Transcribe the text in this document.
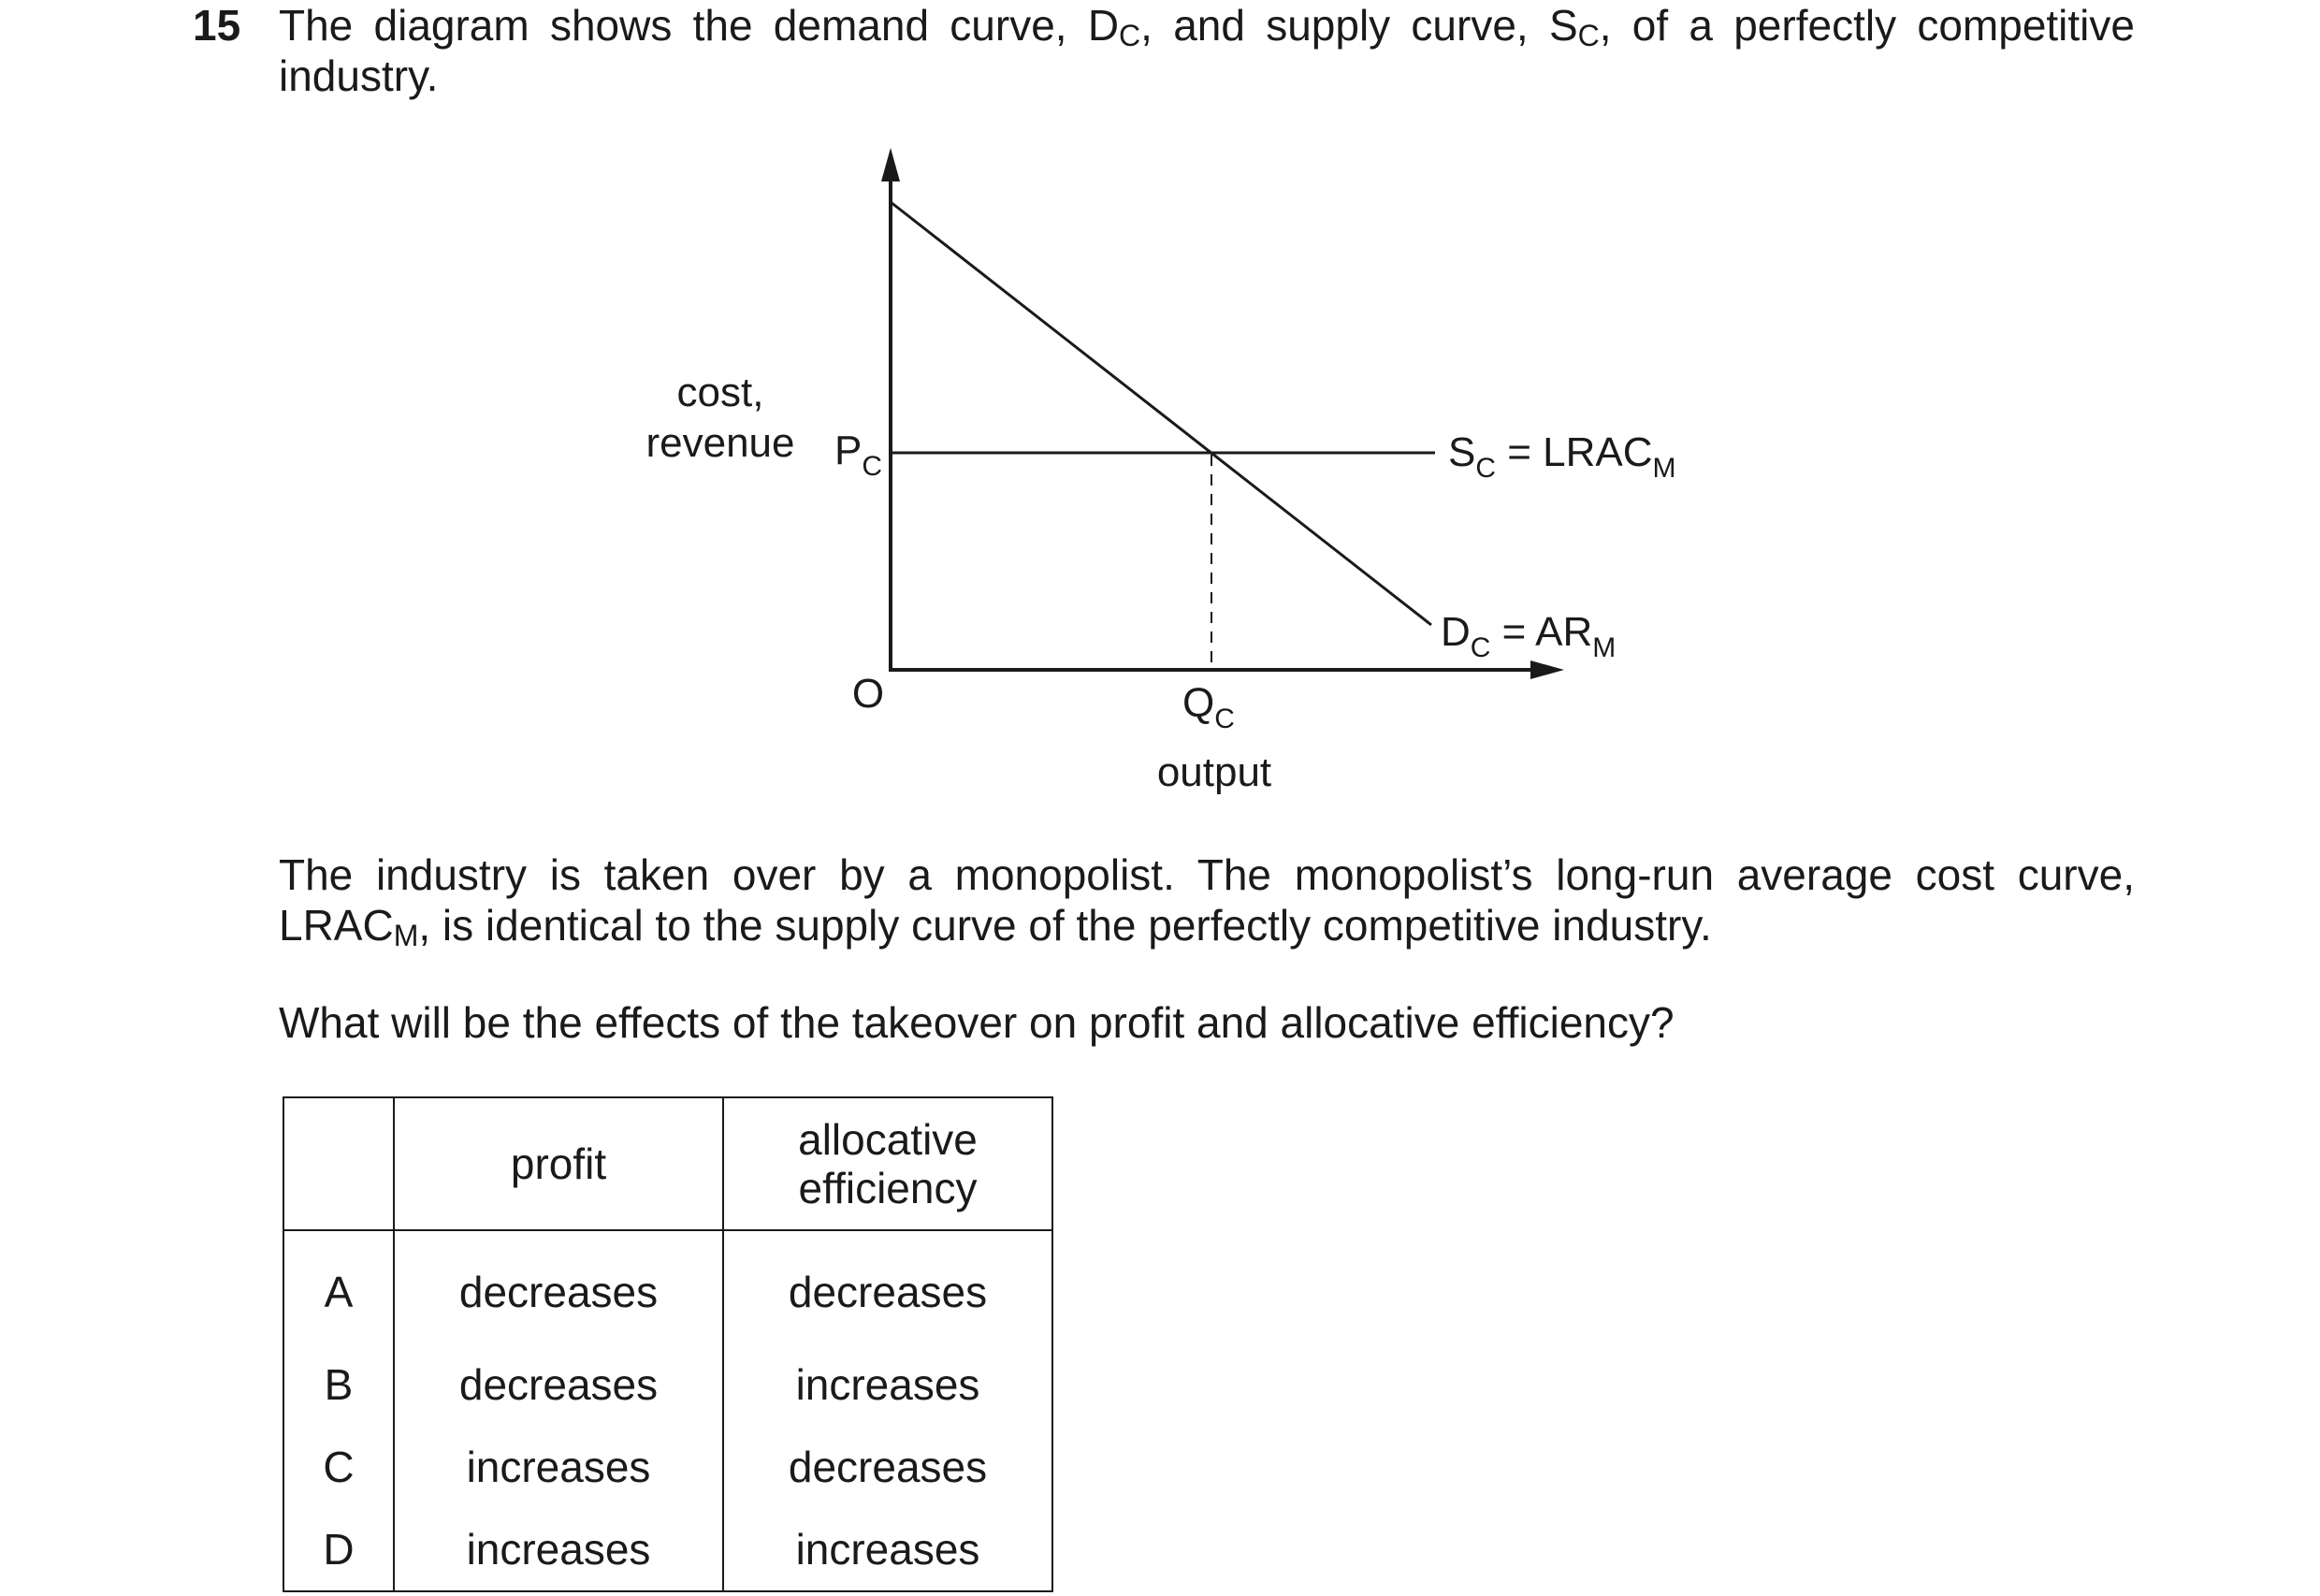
15 The diagram shows the demand curve, $D_C$, and supply curve, $S_C$, of a perfectly competitive industry.
cost,
revenue $P_C$
O	$Q_C$
output
$S_C$ = $LRAC_M$
$D_C = AR_M$
The industry is taken over by a monopolist. The monopolist’s long-run average cost curve, $LRAC_M$, is identical to the supply curve of the perfectly competitive industry.
What will be the effects of the takeover on profit and allocative efficiency?
	profit	allocative
efficiency
A	decreases	decreases
B	decreases	increases
C	increases	decreases
D	increases	increases
